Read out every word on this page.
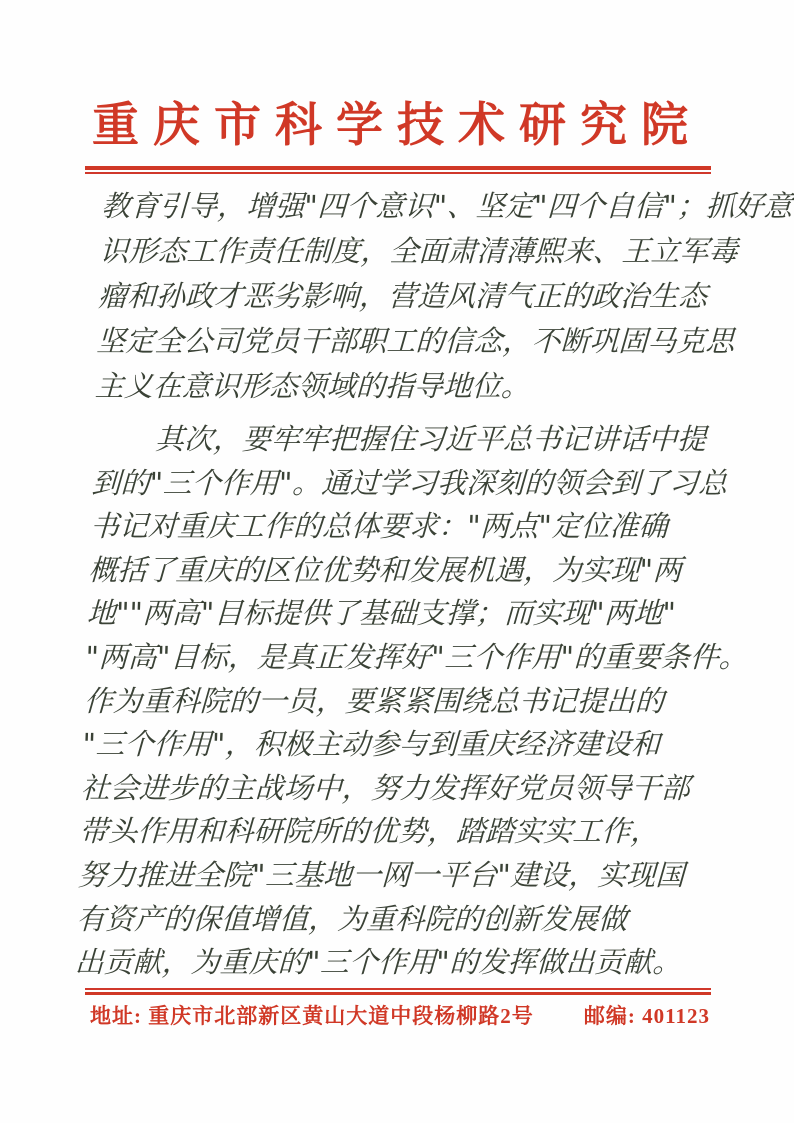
重庆市科学技术研究院
教育引导，增强"四个意识"、坚定"四个自信"；抓好意
识形态工作责任制度，全面肃清薄熙来、王立军毒
瘤和孙政才恶劣影响，营造风清气正的政治生态
坚定全公司党员干部职工的信念，不断巩固马克思
主义在意识形态领域的指导地位。
其次，要牢牢把握住习近平总书记讲话中提
到的"三个作用"。通过学习我深刻的领会到了习总
书记对重庆工作的总体要求："两点"定位准确
概括了重庆的区位优势和发展机遇，为实现"两
地""两高"目标提供了基础支撑；而实现"两地"
"两高"目标，是真正发挥好"三个作用"的重要条件。
作为重科院的一员，要紧紧围绕总书记提出的
"三个作用"，积极主动参与到重庆经济建设和
社会进步的主战场中，努力发挥好党员领导干部
带头作用和科研院所的优势，踏踏实实工作，
努力推进全院"三基地一网一平台"建设，实现国
有资产的保值增值，为重科院的创新发展做
出贡献，为重庆的"三个作用"的发挥做出贡献。
地址: 重庆市北部新区黄山大道中段杨柳路2号 邮编: 401123
